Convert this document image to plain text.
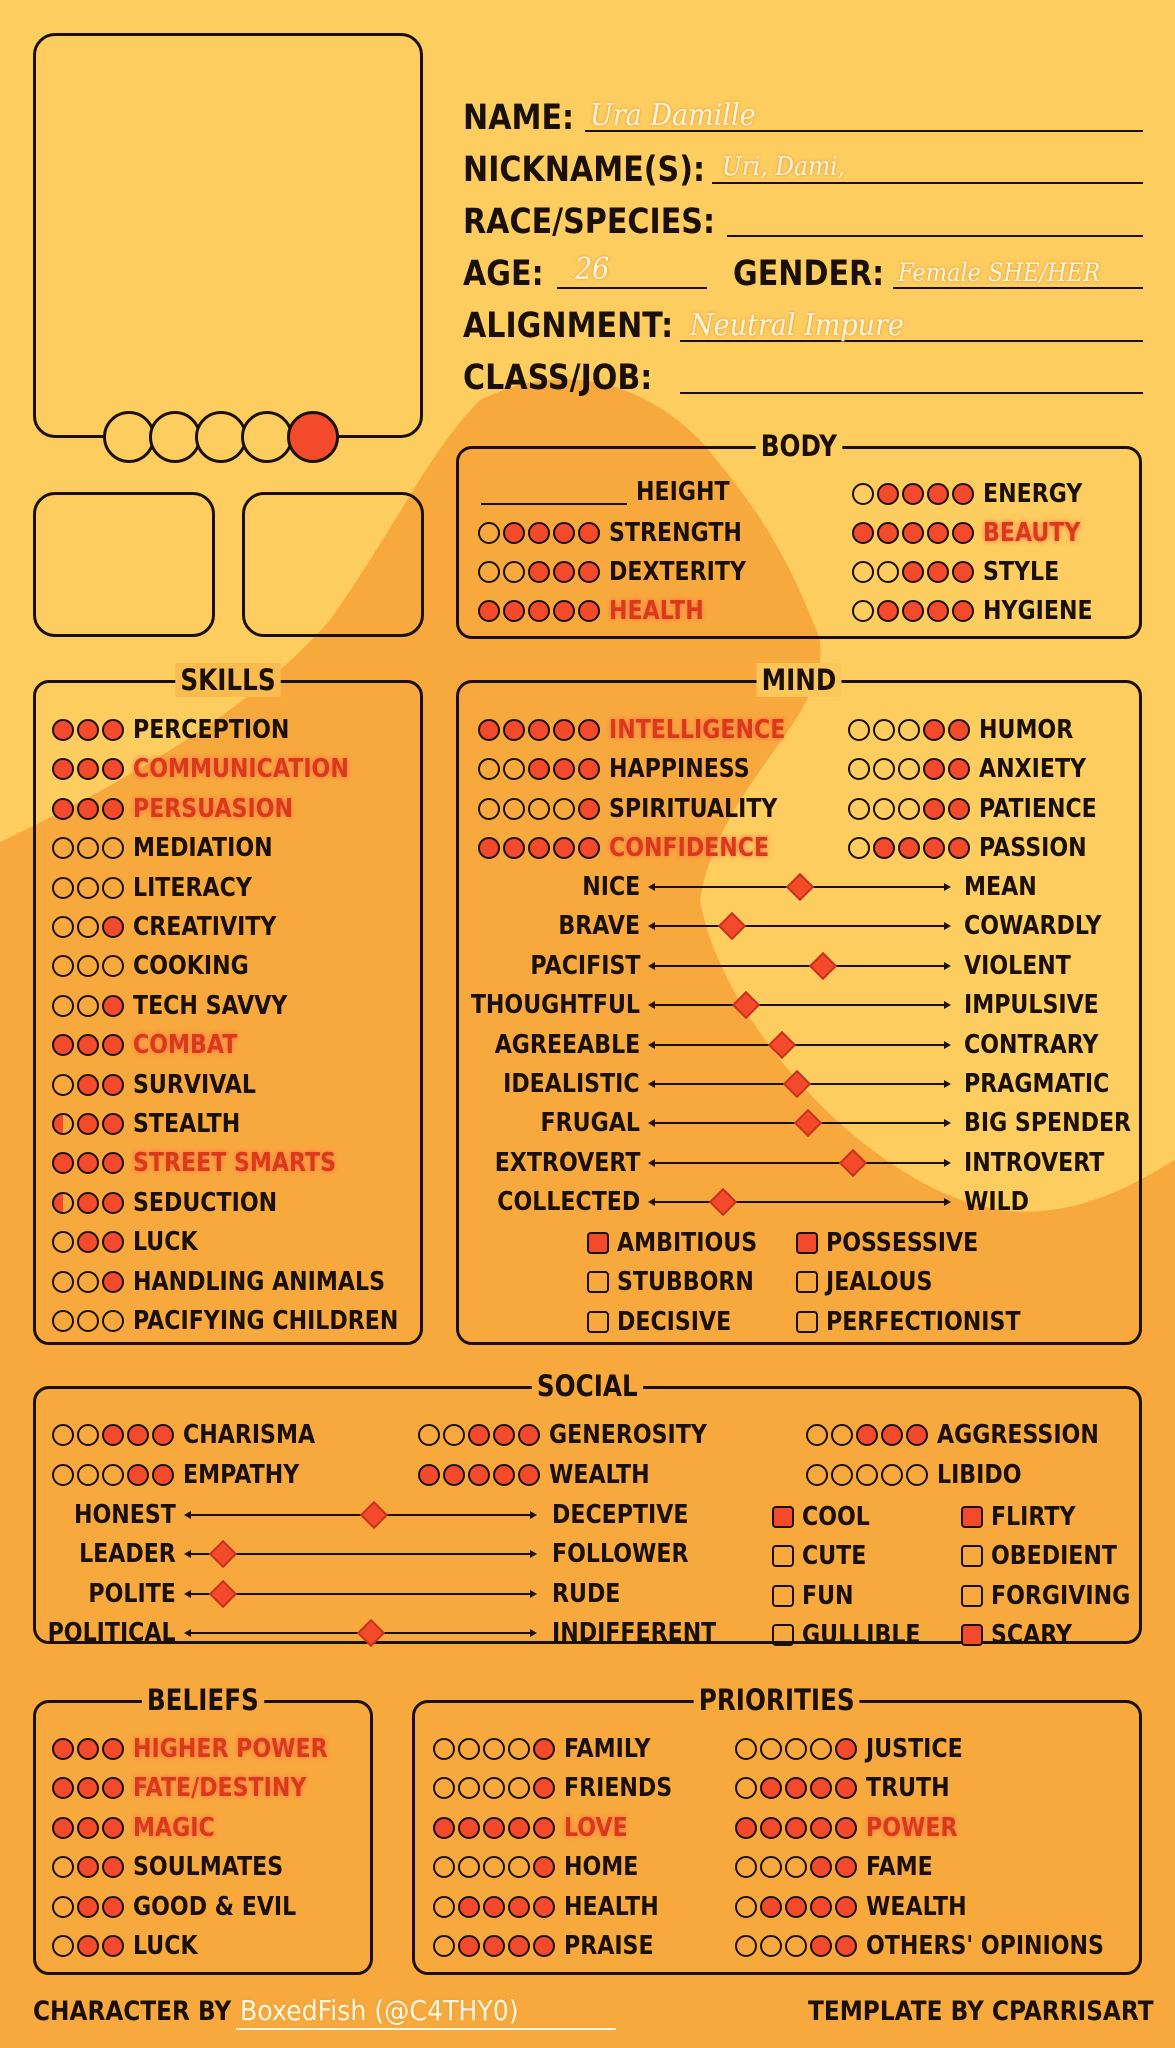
NAME: Ura Damille
NICKNAME(S): Uri, Dami,
RACE/SPECIES:
AGE:	26	GENDER: Female SHE/HER
ALIGNMENT: Neutral Impure
CLASS/JOB:
BODY
HEIGHT
STRENGTH
DEXTERITY
HEALTH
ENERGY
BEAUTY
STYLE
HYGIENE
SKILLS
PERCEPTION
COMMUNICATION
PERSUASION
MEDIATION
LITERACY
CREATIVITY
COOKING
TECH SAVVY
COMBAT
SURVIVAL
STEALTH
STREET SMARTS
SEDUCTION
LUCK
HANDLING ANIMALS
PACIFYING CHILDREN
MIND
INTELLIGENCE
HAPPINESS
SPIRITUALITY
CONFIDENCE
HUMOR
ANXIETY
PATIENCE
PASSION
NICE	MEAN
BRAVE	COWARDLY
PACIFIST	VIOLENT
THOUGHTFUL	IMPULSIVE
AGREEABLE	CONTRARY
IDEALISTIC	PRAGMATIC
FRUGAL	BIG SPENDER
EXTROVERT	INTROVERT
COLLECTED	WILD
AMBITIOUS	POSSESSIVE
STUBBORN	JEALOUS
DECISIVE	PERFECTIONIST
SOCIAL
CHARISMA	GENEROSITY	AGGRESSION
EMPATHY	WEALTH	LIBIDO
HONEST	DECEPTIVE
LEADER	FOLLOWER
POLITE	RUDE
POLITICAL	INDIFFERENT
COOL	FLIRTY
CUTE	OBEDIENT
FUN	FORGIVING
GULLIBLE	SCARY
BELIEFS
HIGHER POWER
FATE/DESTINY
MAGIC
SOULMATES
GOOD & EVIL
LUCK
PRIORITIES
FAMILY
FRIENDS
LOVE
HOME
HEALTH
PRAISE
JUSTICE
TRUTH
POWER
FAME
WEALTH
OTHERS' OPINIONS
CHARACTER BY BoxedFish (@C4THY0)	TEMPLATE BY CPARRISART
